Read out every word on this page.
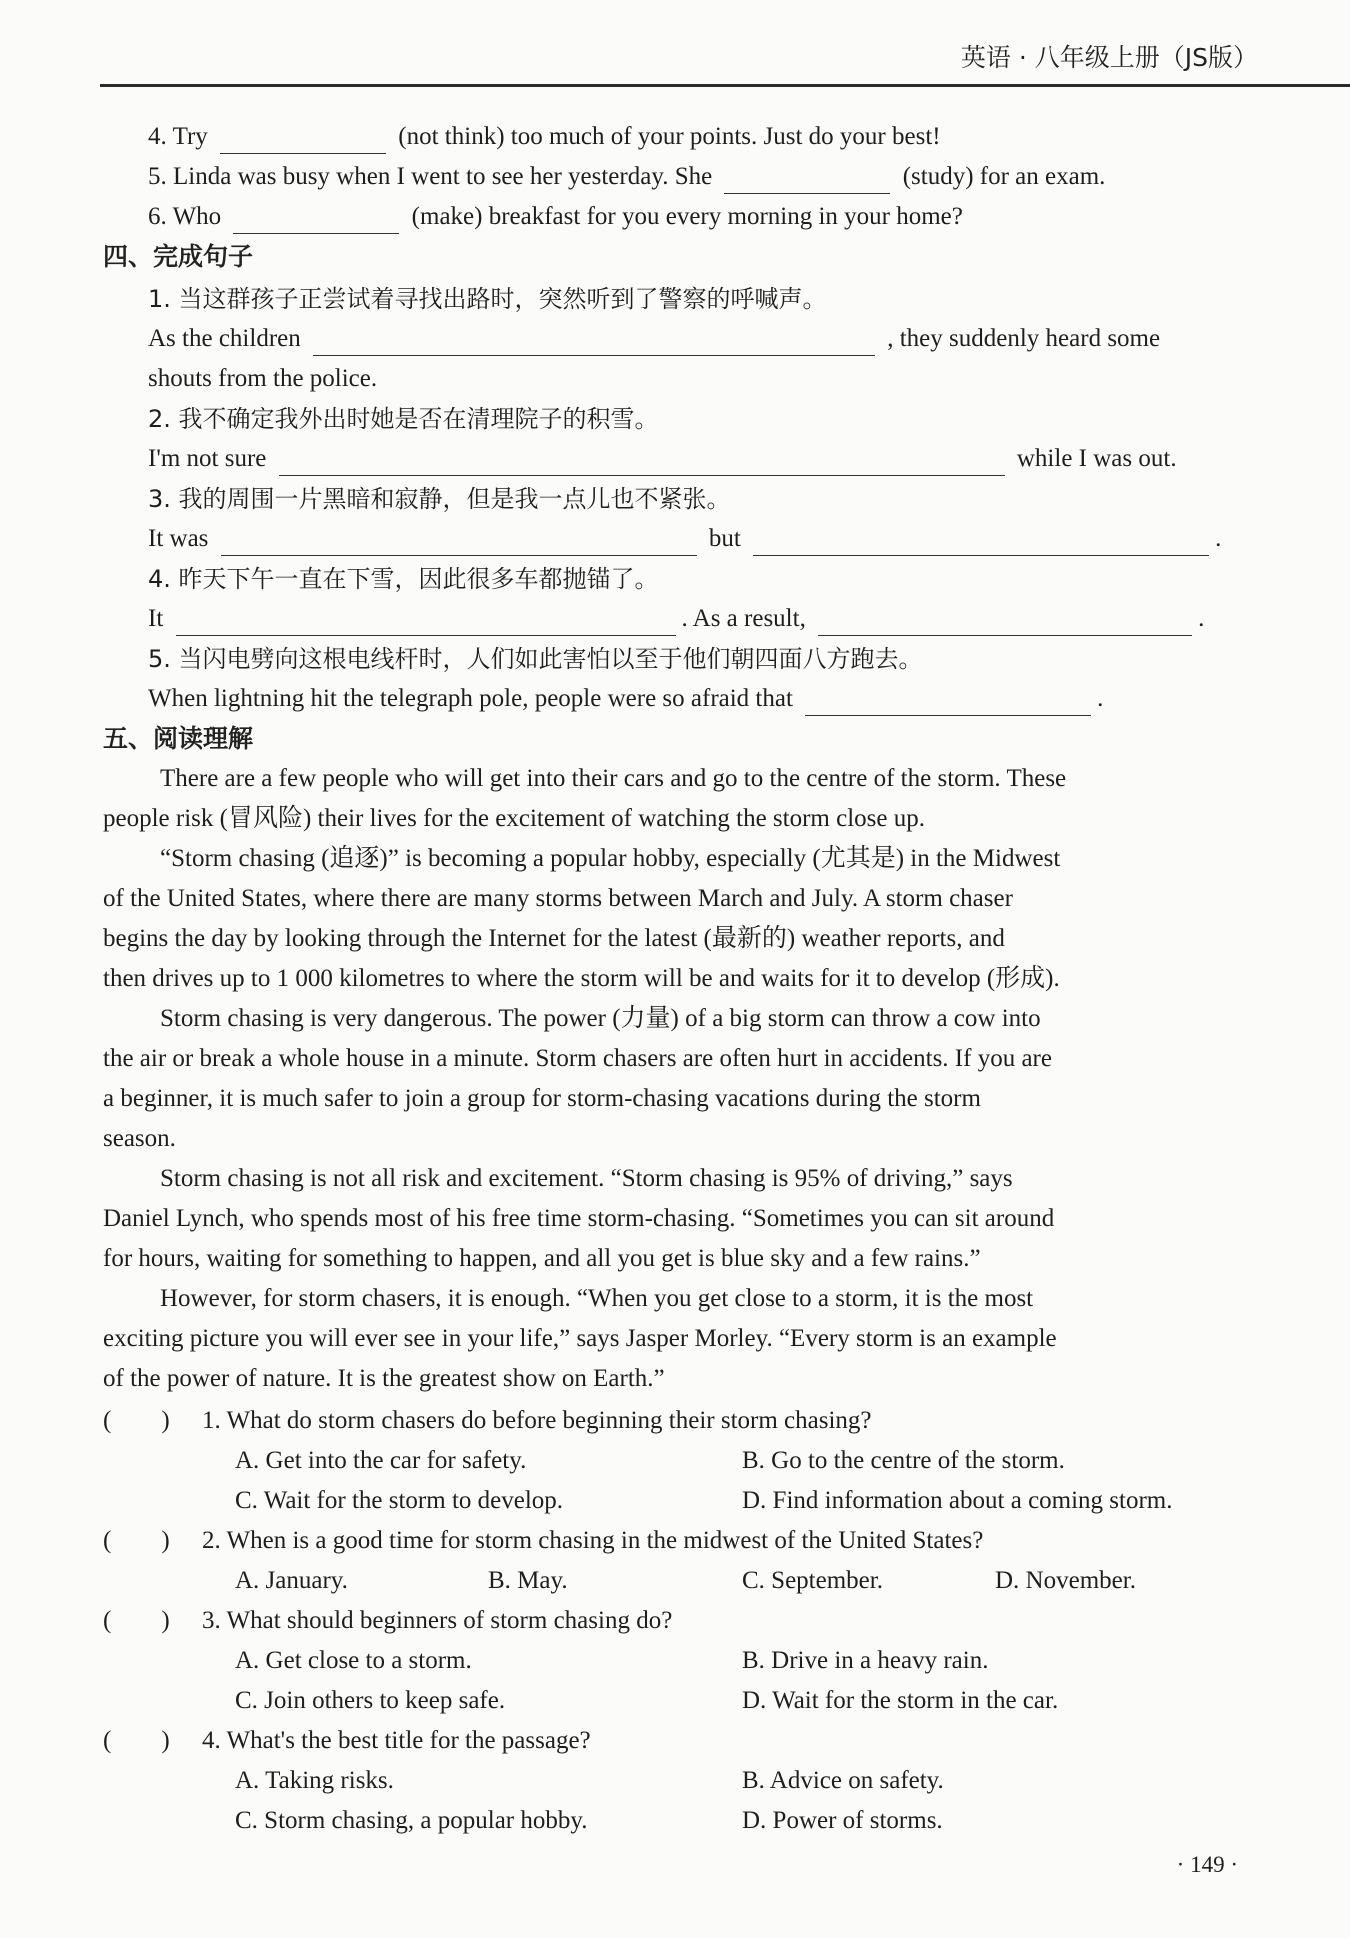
英语 · 八年级上册（JS版）
4. Try	(not think) too much of your points. Just do your best!
5. Linda was busy when I went to see her yesterday. She	(study) for an exam.
6. Who	(make) breakfast for you every morning in your home?
四、完成句子
1. 当这群孩子正尝试着寻找出路时，突然听到了警察的呼喊声。
As the children	, they suddenly heard some
shouts from the police.
2. 我不确定我外出时她是否在清理院子的积雪。
I'm not sure	while I was out.
3. 我的周围一片黑暗和寂静，但是我一点儿也不紧张。
It was	but	.
4. 昨天下午一直在下雪，因此很多车都抛锚了。
It	. As a result,	.
5. 当闪电劈向这根电线杆时，人们如此害怕以至于他们朝四面八方跑去。
When lightning hit the telegraph pole, people were so afraid that	.
五、阅读理解
There are a few people who will get into their cars and go to the centre of the storm. These
people risk (冒风险) their lives for the excitement of watching the storm close up.
“Storm chasing (追逐)” is becoming a popular hobby, especially (尤其是) in the Midwest
of the United States, where there are many storms between March and July. A storm chaser
begins the day by looking through the Internet for the latest (最新的) weather reports, and
then drives up to 1 000 kilometres to where the storm will be and waits for it to develop (形成).
Storm chasing is very dangerous. The power (力量) of a big storm can throw a cow into
the air or break a whole house in a minute. Storm chasers are often hurt in accidents. If you are
a beginner, it is much safer to join a group for storm-chasing vacations during the storm
season.
Storm chasing is not all risk and excitement. “Storm chasing is 95% of driving,” says
Daniel Lynch, who spends most of his free time storm-chasing. “Sometimes you can sit around
for hours, waiting for something to happen, and all you get is blue sky and a few rains.”
However, for storm chasers, it is enough. “When you get close to a storm, it is the most
exciting picture you will ever see in your life,” says Jasper Morley. “Every storm is an example
of the power of nature. It is the greatest show on Earth.”
(　　) 1. What do storm chasers do before beginning their storm chasing?
A. Get into the car for safety.	B. Go to the centre of the storm.
C. Wait for the storm to develop.	D. Find information about a coming storm.
(　　) 2. When is a good time for storm chasing in the midwest of the United States?
A. January.	B. May.	C. September.	D. November.
(　　) 3. What should beginners of storm chasing do?
A. Get close to a storm.	B. Drive in a heavy rain.
C. Join others to keep safe.	D. Wait for the storm in the car.
(　　) 4. What's the best title for the passage?
A. Taking risks.	B. Advice on safety.
C. Storm chasing, a popular hobby.	D. Power of storms.
· 149 ·
